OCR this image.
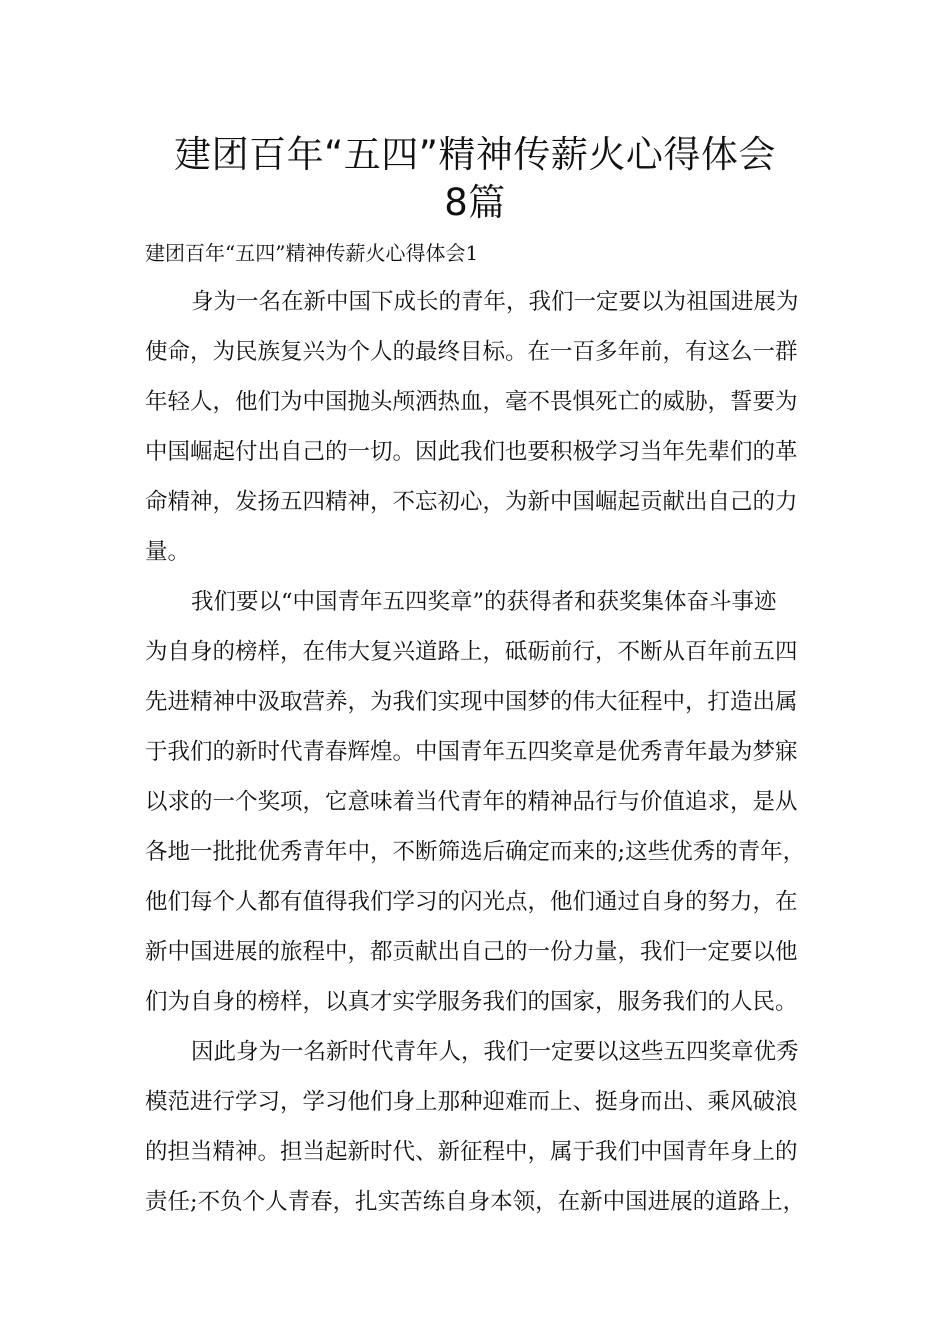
建团百年“五四”精神传薪火心得体会
8篇

建团百年“五四”精神传薪火心得体会1

身为一名在新中国下成长的青年，我们一定要以为祖国进展为

使命，为民族复兴为个人的最终目标。在一百多年前，有这么一群

年轻人，他们为中国抛头颅洒热血，毫不畏惧死亡的威胁，誓要为

中国崛起付出自己的一切。因此我们也要积极学习当年先辈们的革

命精神，发扬五四精神，不忘初心，为新中国崛起贡献出自己的力

量。

我们要以“中国青年五四奖章”的获得者和获奖集体奋斗事迹

为自身的榜样，在伟大复兴道路上，砥砺前行，不断从百年前五四

先进精神中汲取营养，为我们实现中国梦的伟大征程中，打造出属

于我们的新时代青春辉煌。中国青年五四奖章是优秀青年最为梦寐

以求的一个奖项，它意味着当代青年的精神品行与价值追求，是从

各地一批批优秀青年中，不断筛选后确定而来的;这些优秀的青年，

他们每个人都有值得我们学习的闪光点，他们通过自身的努力，在

新中国进展的旅程中，都贡献出自己的一份力量，我们一定要以他

们为自身的榜样，以真才实学服务我们的国家，服务我们的人民。

因此身为一名新时代青年人，我们一定要以这些五四奖章优秀

模范进行学习，学习他们身上那种迎难而上、挺身而出、乘风破浪

的担当精神。担当起新时代、新征程中，属于我们中国青年身上的

责任;不负个人青春，扎实苦练自身本领，在新中国进展的道路上，
